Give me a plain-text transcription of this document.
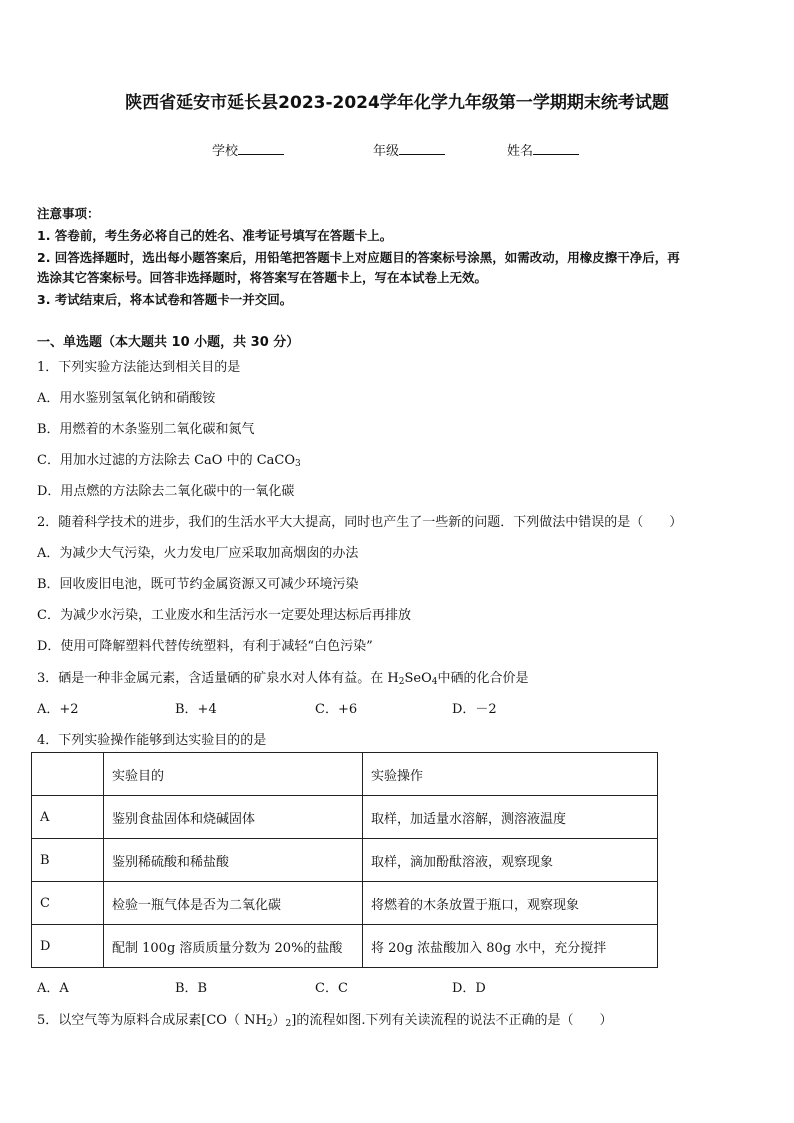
陕西省延安市延长县2023-2024学年化学九年级第一学期期末统考试题
学校	年级	姓名
注意事项：
1. 答卷前，考生务必将自己的姓名、准考证号填写在答题卡上。
2. 回答选择题时，选出每小题答案后，用铅笔把答题卡上对应题目的答案标号涂黑，如需改动，用橡皮擦干净后，再
选涂其它答案标号。回答非选择题时，将答案写在答题卡上，写在本试卷上无效。
3. 考试结束后，将本试卷和答题卡一并交回。
一、单选题（本大题共 10 小题，共 30 分）
1．下列实验方法能达到相关目的是
A．用水鉴别氢氧化钠和硝酸铵
B．用燃着的木条鉴别二氧化碳和氮气
C．用加水过滤的方法除去 CaO 中的 CaCO$_3$
D．用点燃的方法除去二氧化碳中的一氧化碳
2．随着科学技术的进步，我们的生活水平大大提高，同时也产生了一些新的问题．下列做法中错误的是（　　）
A．为减少大气污染，火力发电厂应采取加高烟囱的办法
B．回收废旧电池，既可节约金属资源又可减少环境污染
C．为减少水污染，工业废水和生活污水一定要处理达标后再排放
D．使用可降解塑料代替传统塑料，有利于减轻“白色污染”
3．硒是一种非金属元素，含适量硒的矿泉水对人体有益。在 $H_2SeO_4$中硒的化合价是
A．+2	B．+4	C．+6	D．－2
4．下列实验操作能够到达实验目的的是
	实验目的	实验操作
A	鉴别食盐固体和烧碱固体	取样，加适量水溶解，测溶液温度
B	鉴别稀硫酸和稀盐酸	取样，滴加酚酞溶液，观察现象
C	检验一瓶气体是否为二氧化碳	将燃着的木条放置于瓶口，观察现象
D	配制 100g 溶质质量分数为 20%的盐酸	将 20g 浓盐酸加入 80g 水中，充分搅拌
A．A	B．B	C．C	D．D
5．以空气等为原料合成尿素[CO（ $NH_2)_2$]的流程如图.下列有关读流程的说法不正确的是（　　）
